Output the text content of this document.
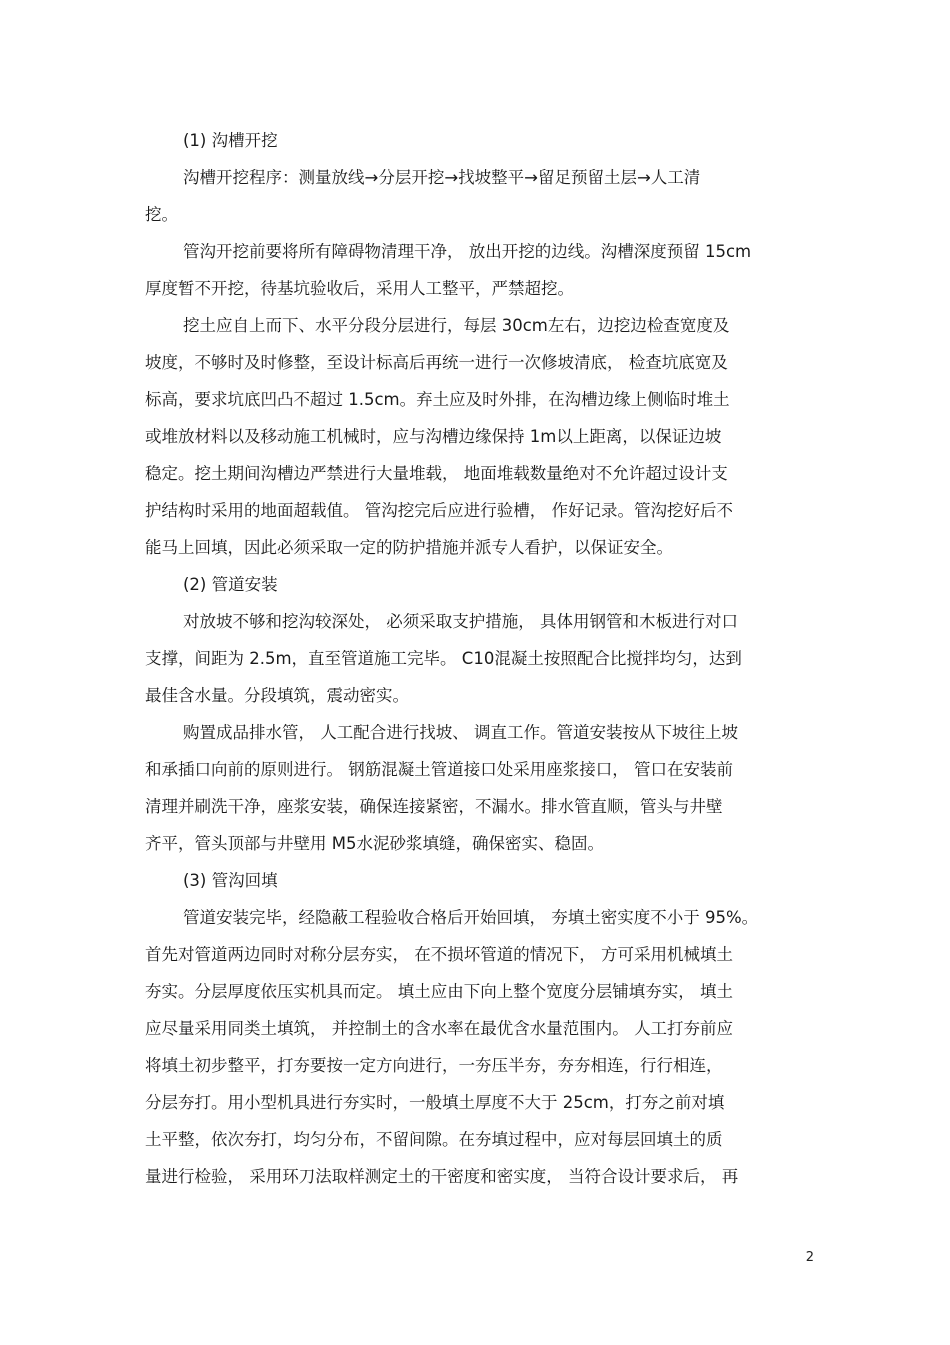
(1) 沟槽开挖
沟槽开挖程序：测量放线→分层开挖→找坡整平→留足预留土层→人工清
挖。
管沟开挖前要将所有障碍物清理干净， 放出开挖的边线。沟槽深度预留 15cm
厚度暂不开挖，待基坑验收后，采用人工整平，严禁超挖。
挖土应自上而下、水平分段分层进行，每层 30cm左右，边挖边检查宽度及
坡度，不够时及时修整，至设计标高后再统一进行一次修坡清底， 检查坑底宽及
标高，要求坑底凹凸不超过 1.5cm。弃土应及时外排，在沟槽边缘上侧临时堆土
或堆放材料以及移动施工机械时，应与沟槽边缘保持 1m以上距离，以保证边坡
稳定。挖土期间沟槽边严禁进行大量堆载， 地面堆载数量绝对不允许超过设计支
护结构时采用的地面超载值。 管沟挖完后应进行验槽， 作好记录。管沟挖好后不
能马上回填，因此必须采取一定的防护措施并派专人看护，以保证安全。
(2) 管道安装
对放坡不够和挖沟较深处， 必须采取支护措施， 具体用钢管和木板进行对口
支撑，间距为 2.5m，直至管道施工完毕。 C10混凝土按照配合比搅拌均匀，达到
最佳含水量。分段填筑，震动密实。
购置成品排水管， 人工配合进行找坡、 调直工作。管道安装按从下坡往上坡
和承插口向前的原则进行。 钢筋混凝土管道接口处采用座浆接口， 管口在安装前
清理并刷洗干净，座浆安装，确保连接紧密，不漏水。排水管直顺，管头与井壁
齐平，管头顶部与井壁用 M5水泥砂浆填缝，确保密实、稳固。
(3) 管沟回填
管道安装完毕，经隐蔽工程验收合格后开始回填， 夯填土密实度不小于 95%。
首先对管道两边同时对称分层夯实， 在不损坏管道的情况下， 方可采用机械填土
夯实。分层厚度依压实机具而定。 填土应由下向上整个宽度分层铺填夯实， 填土
应尽量采用同类土填筑， 并控制土的含水率在最优含水量范围内。 人工打夯前应
将填土初步整平，打夯要按一定方向进行，一夯压半夯，夯夯相连，行行相连，
分层夯打。用小型机具进行夯实时，一般填土厚度不大于 25cm，打夯之前对填
土平整，依次夯打，均匀分布，不留间隙。在夯填过程中，应对每层回填土的质
量进行检验， 采用环刀法取样测定土的干密度和密实度， 当符合设计要求后， 再
2
